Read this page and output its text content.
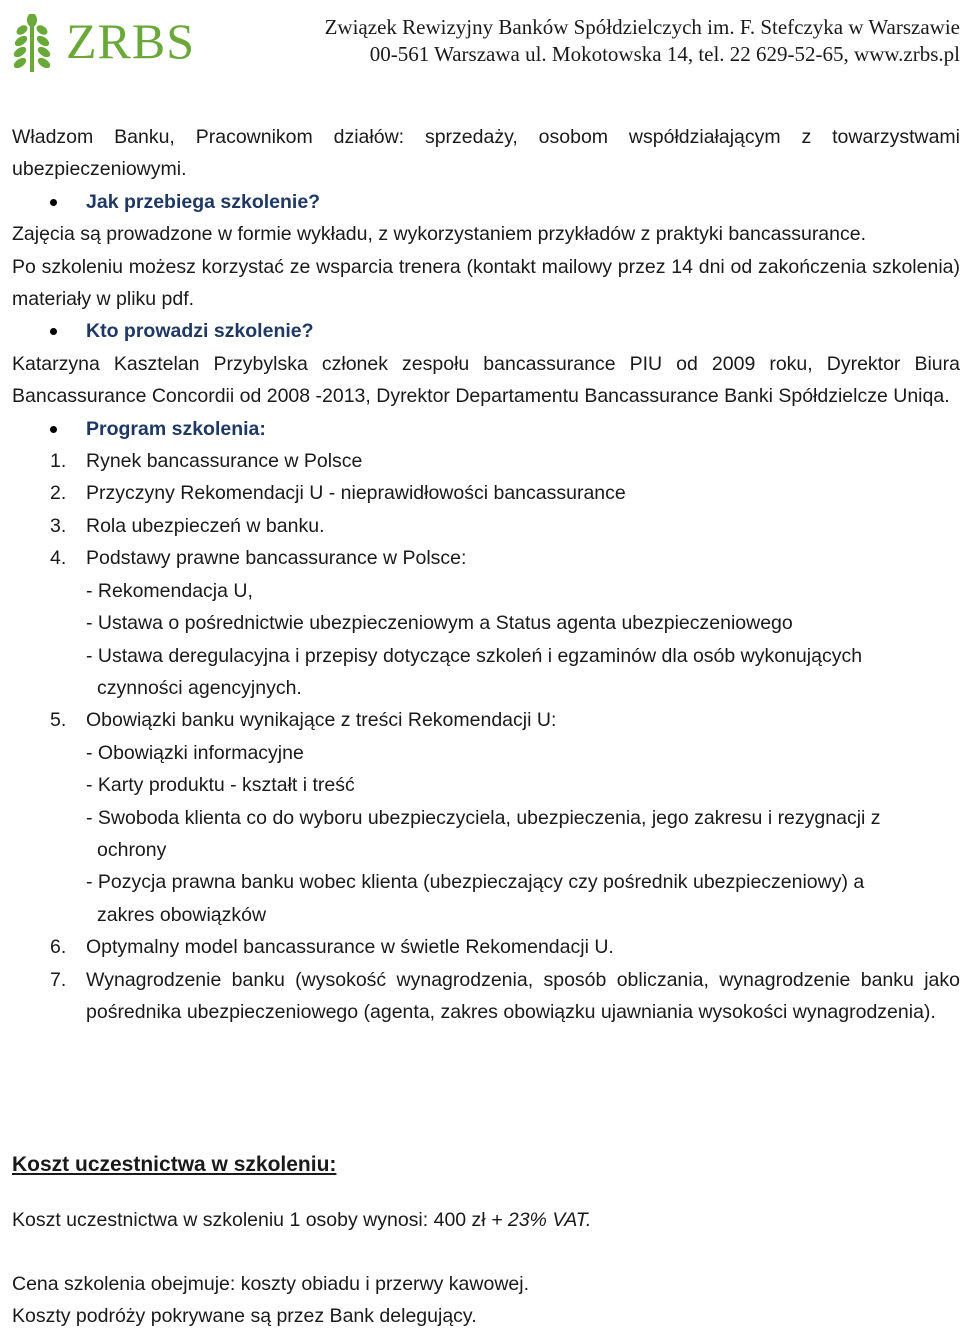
ZRBS	Związek Rewizyjny Banków Spółdzielczych im. F. Stefczyka w Warszawie
00-561 Warszawa ul. Mokotowska 14, tel. 22 629-52-65, www.zrbs.pl

Władzom Banku, Pracownikom działów: sprzedaży, osobom współdziałającym z towarzystwami ubezpieczeniowymi.

Jak przebiega szkolenie?

Zajęcia są prowadzone w formie wykładu, z wykorzystaniem przykładów z praktyki bancassurance.

Po szkoleniu możesz korzystać ze wsparcia trenera (kontakt mailowy przez 14 dni od zakończenia szkolenia) materiały w pliku pdf.

Kto prowadzi szkolenie?

Katarzyna Kasztelan Przybylska członek zespołu bancassurance PIU od 2009 roku, Dyrektor Biura Bancassurance Concordii od 2008 -2013, Dyrektor Departamentu Bancassurance Banki Spółdzielcze Uniqa.

Program szkolenia:
1. Rynek bancassurance w Polsce
2. Przyczyny Rekomendacji U - nieprawidłowości bancassurance
3. Rola ubezpieczeń w banku.
4. Podstawy prawne bancassurance w Polsce:
- Rekomendacja U,
- Ustawa o pośrednictwie ubezpieczeniowym a Status agenta ubezpieczeniowego
- Ustawa deregulacyjna i przepisy dotyczące szkoleń i egzaminów dla osób wykonujących
czynności agencyjnych.
5. Obowiązki banku wynikające z treści Rekomendacji U:
- Obowiązki informacyjne
- Karty produktu - kształt i treść
- Swoboda klienta co do wyboru ubezpieczyciela, ubezpieczenia, jego zakresu i rezygnacji z
ochrony
- Pozycja prawna banku wobec klienta (ubezpieczający czy pośrednik ubezpieczeniowy) a
zakres obowiązków
6. Optymalny model bancassurance w świetle Rekomendacji U.
7. Wynagrodzenie banku (wysokość wynagrodzenia, sposób obliczania, wynagrodzenie banku jako pośrednika ubezpieczeniowego (agenta, zakres obowiązku ujawniania wysokości wynagrodzenia).
Koszt uczestnictwa w szkoleniu:
Koszt uczestnictwa w szkoleniu 1 osoby wynosi: 400 zł + 23% VAT.
Cena szkolenia obejmuje: koszty obiadu i przerwy kawowej.
Koszty podróży pokrywane są przez Bank delegujący.
